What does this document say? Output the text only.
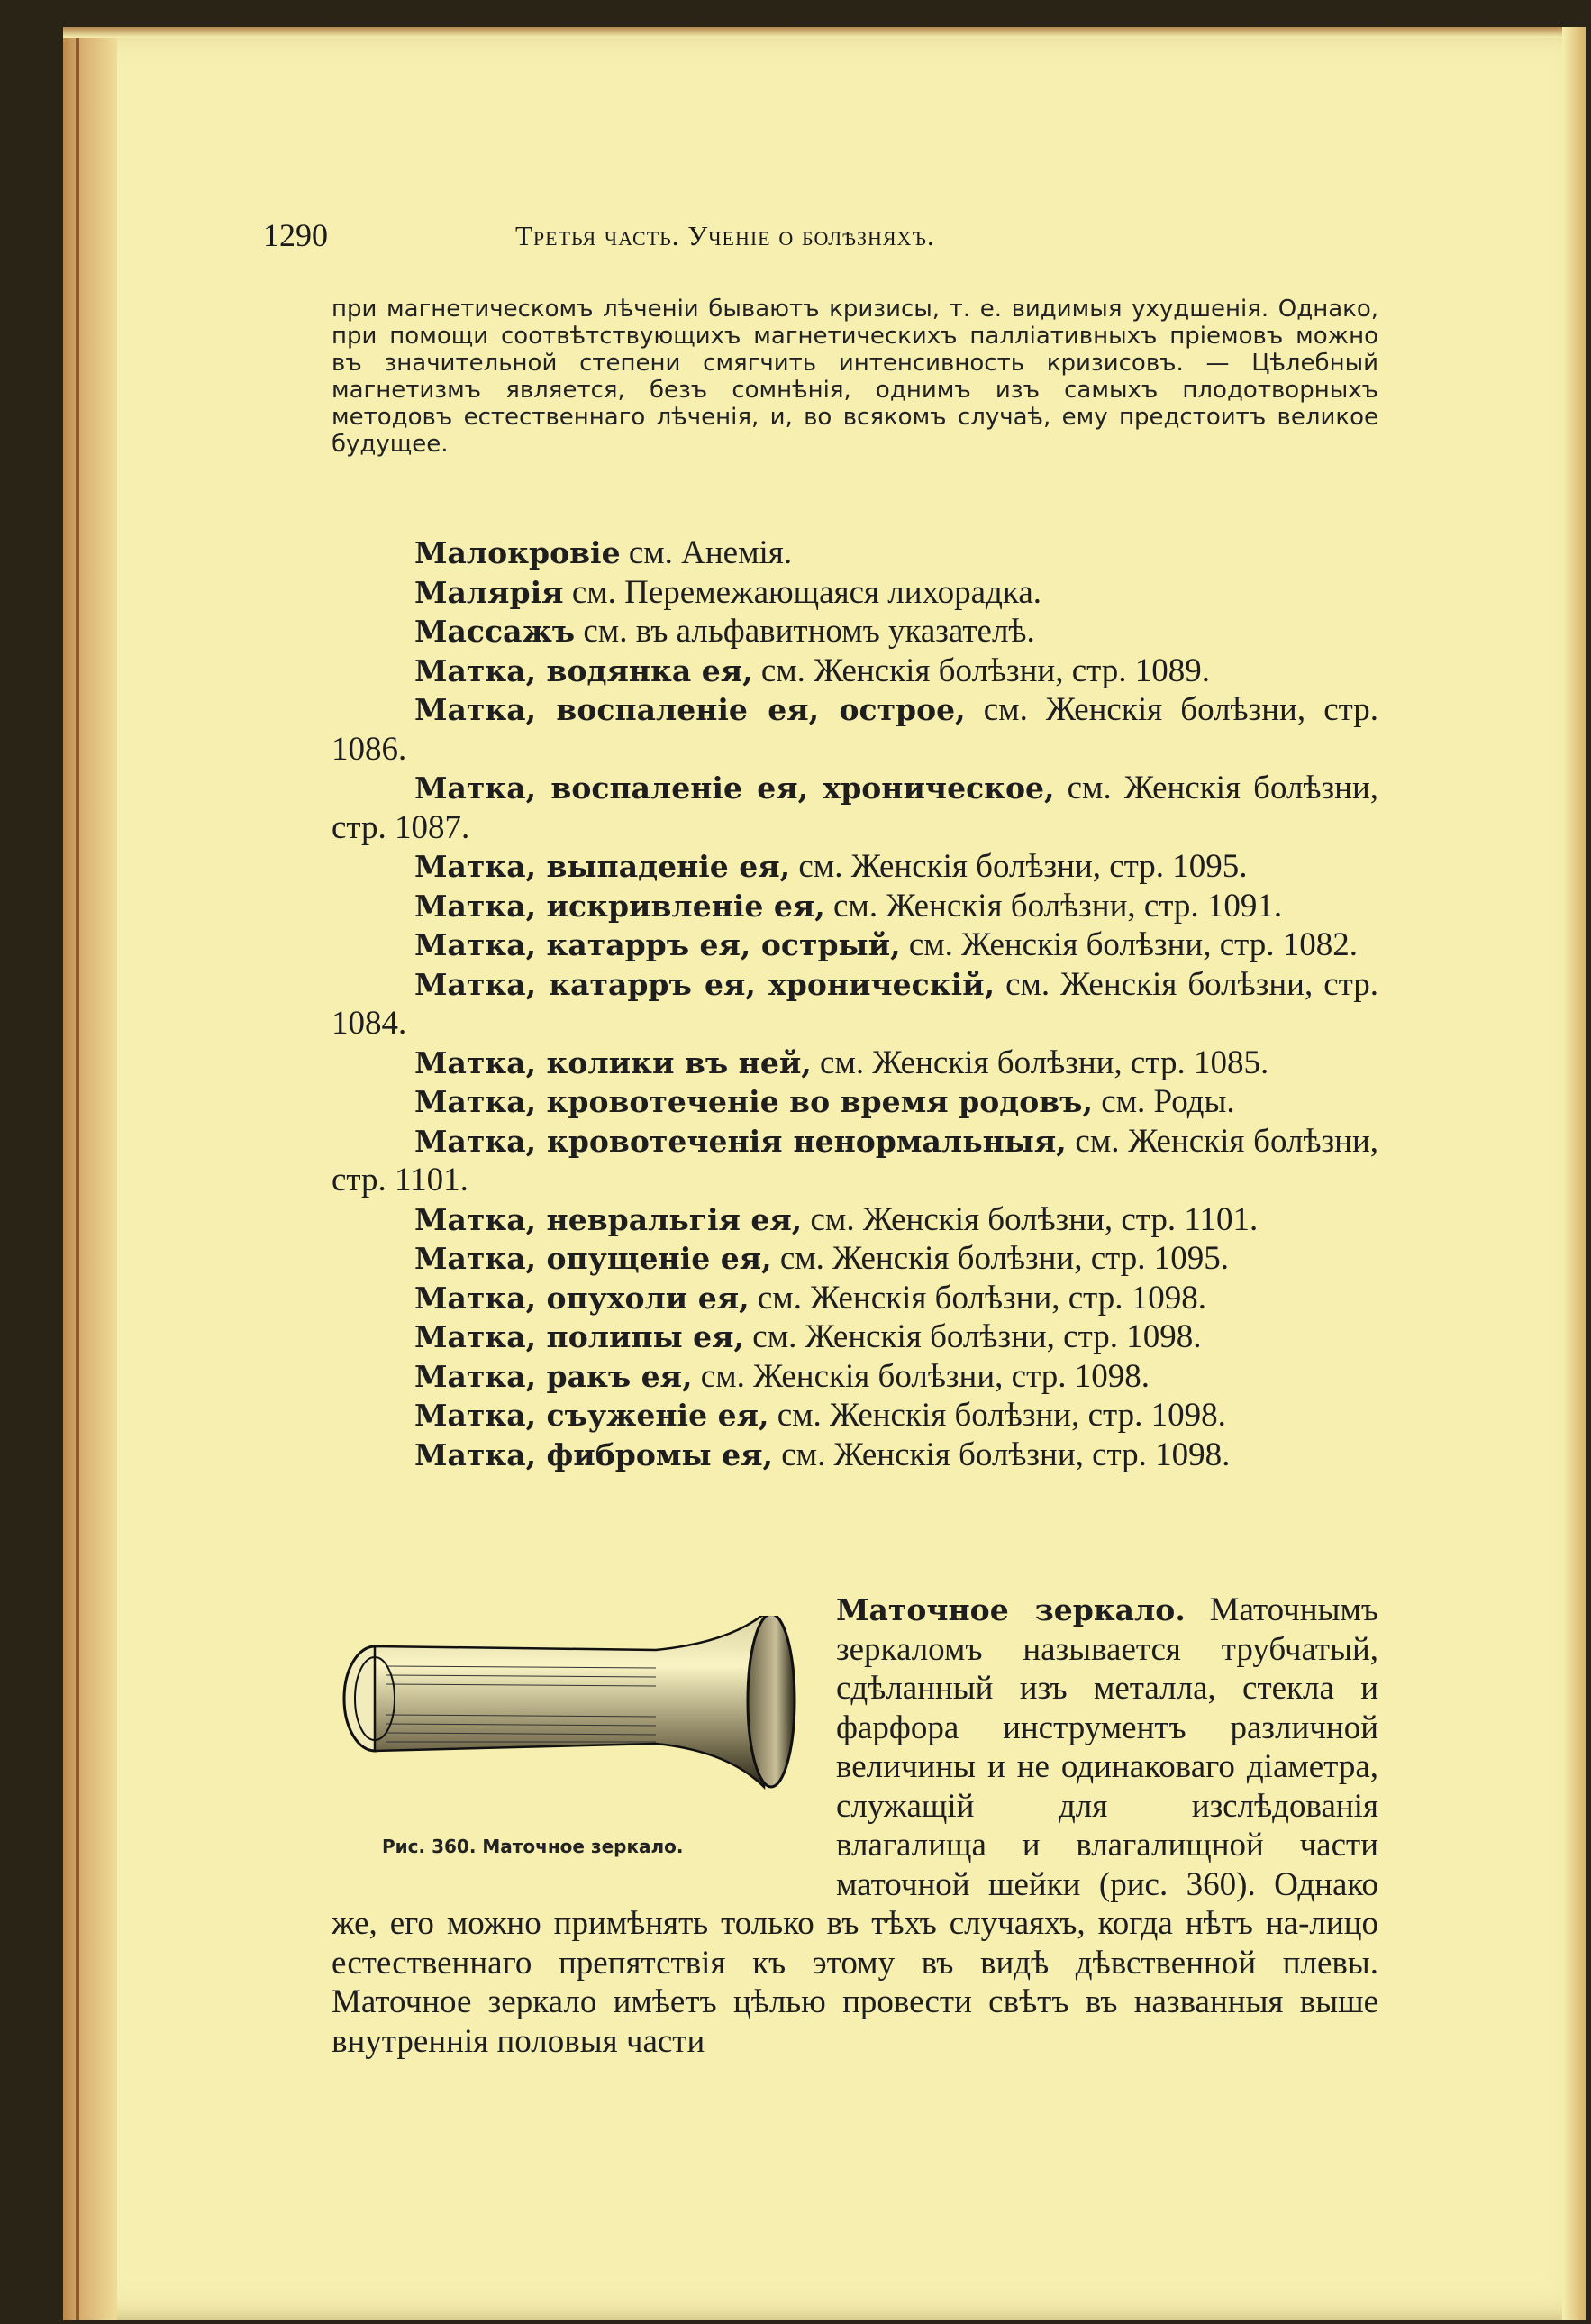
1290	Третья часть. Ученіе о болѣзняхъ.
при магнетическомъ лѣченіи бываютъ кризисы, т. е. видимыя ухудшенія. Однако, при помощи соотвѣтствующихъ магнетическихъ палліативныхъ пріемовъ можно въ значительной степени смягчить интенсивность кризисовъ. — Цѣлебный магнетизмъ является, безъ сомнѣнія, однимъ изъ самыхъ плодотворныхъ методовъ естественнаго лѣченія, и, во всякомъ случаѣ, ему предстоитъ великое будущее.

Малокровіе см. Анемія.

Малярія см. Перемежающаяся лихорадка.

Массажъ см. въ альфавитномъ указателѣ.

Матка, водянка ея, см. Женскія болѣзни, стр. 1089.

Матка, воспаленіе ея, острое, см. Женскія болѣзни, стр. 1086.

Матка, воспаленіе ея, хроническое, см. Женскія болѣзни, стр. 1087.

Матка, выпаденіе ея, см. Женскія болѣзни, стр. 1095.

Матка, искривленіе ея, см. Женскія болѣзни, стр. 1091.

Матка, катарръ ея, острый, см. Женскія болѣзни, стр. 1082.

Матка, катарръ ея, хроническій, см. Женскія болѣзни, стр. 1084.

Матка, колики въ ней, см. Женскія болѣзни, стр. 1085.

Матка, кровотеченіе во время родовъ, см. Роды.

Матка, кровотеченія ненормальныя, см. Женскія болѣзни, стр. 1101.

Матка, невральгія ея, см. Женскія болѣзни, стр. 1101.

Матка, опущеніе ея, см. Женскія болѣзни, стр. 1095.

Матка, опухоли ея, см. Женскія болѣзни, стр. 1098.

Матка, полипы ея, см. Женскія болѣзни, стр. 1098.

Матка, ракъ ея, см. Женскія болѣзни, стр. 1098.

Матка, съуженіе ея, см. Женскія болѣзни, стр. 1098.

Матка, фибромы ея, см. Женскія болѣзни, стр. 1098.

Рис. 360. Маточное зеркало.

Маточное зеркало. Маточнымъ зеркаломъ называется трубчатый, сдѣланный изъ металла, стекла и фарфора инструментъ различной величины и не одинаковаго діаметра, служащій для изслѣдованія влагалища и влагалищной части маточной шейки (рис. 360). Однако же, его можно примѣнять только въ тѣхъ случаяхъ, когда нѣтъ на-лицо естественнаго препятствія къ этому въ видѣ дѣвственной плевы. Маточное зеркало имѣетъ цѣлью провести свѣтъ въ названныя выше внутреннія половыя части
